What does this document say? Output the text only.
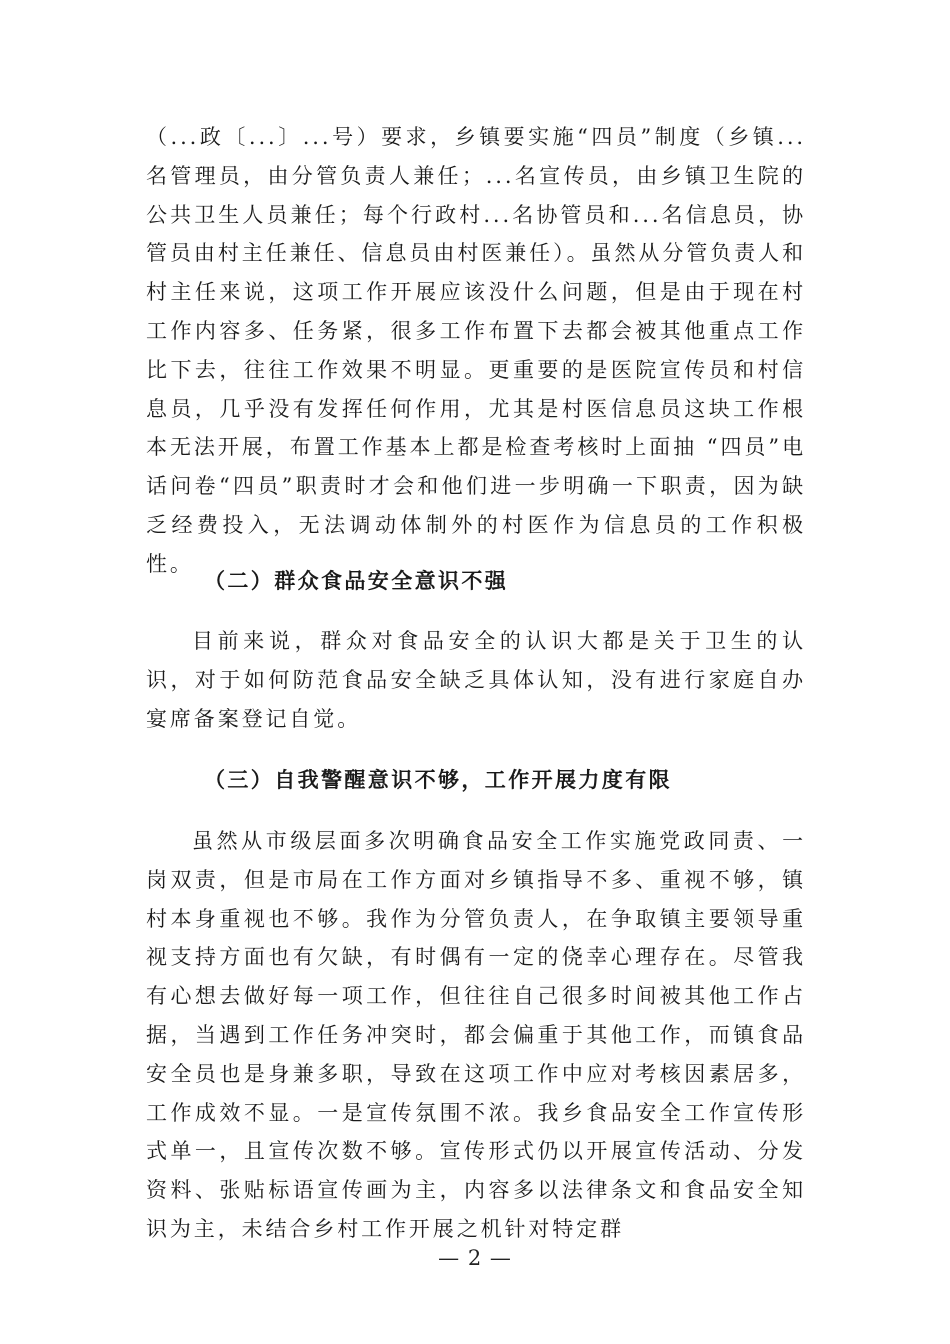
（...政〔...〕...号）要求，乡镇要实施“四员”制度（乡镇...名管理员，由分管负责人兼任；...名宣传员，由乡镇卫生院的公共卫生人员兼任；每个行政村...名协管员和...名信息员，协管员由村主任兼任、信息员由村医兼任）。虽然从分管负责人和村主任来说，这项工作开展应该没什么问题，但是由于现在村工作内容多、任务紧，很多工作布置下去都会被其他重点工作比下去，往往工作效果不明显。更重要的是医院宣传员和村信息员，几乎没有发挥任何作用，尤其是村医信息员这块工作根本无法开展，布置工作基本上都是检查考核时上面抽 “四员”电话问卷“四员”职责时才会和他们进一步明确一下职责，因为缺乏经费投入，无法调动体制外的村医作为信息员的工作积极性。

（二）群众食品安全意识不强

目前来说，群众对食品安全的认识大都是关于卫生的认识，对于如何防范食品安全缺乏具体认知，没有进行家庭自办宴席备案登记自觉。

（三）自我警醒意识不够，工作开展力度有限

虽然从市级层面多次明确食品安全工作实施党政同责、一岗双责，但是市局在工作方面对乡镇指导不多、重视不够，镇村本身重视也不够。我作为分管负责人，在争取镇主要领导重视支持方面也有欠缺，有时偶有一定的侥幸心理存在。尽管我有心想去做好每一项工作，但往往自己很多时间被其他工作占据，当遇到工作任务冲突时，都会偏重于其他工作，而镇食品安全员也是身兼多职，导致在这项工作中应对考核因素居多，工作成效不显。一是宣传氛围不浓。我乡食品安全工作宣传形式单一，且宣传次数不够。宣传形式仍以开展宣传活动、分发资料、张贴标语宣传画为主，内容多以法律条文和食品安全知识为主，未结合乡村工作开展之机针对特定群

— 2 —
